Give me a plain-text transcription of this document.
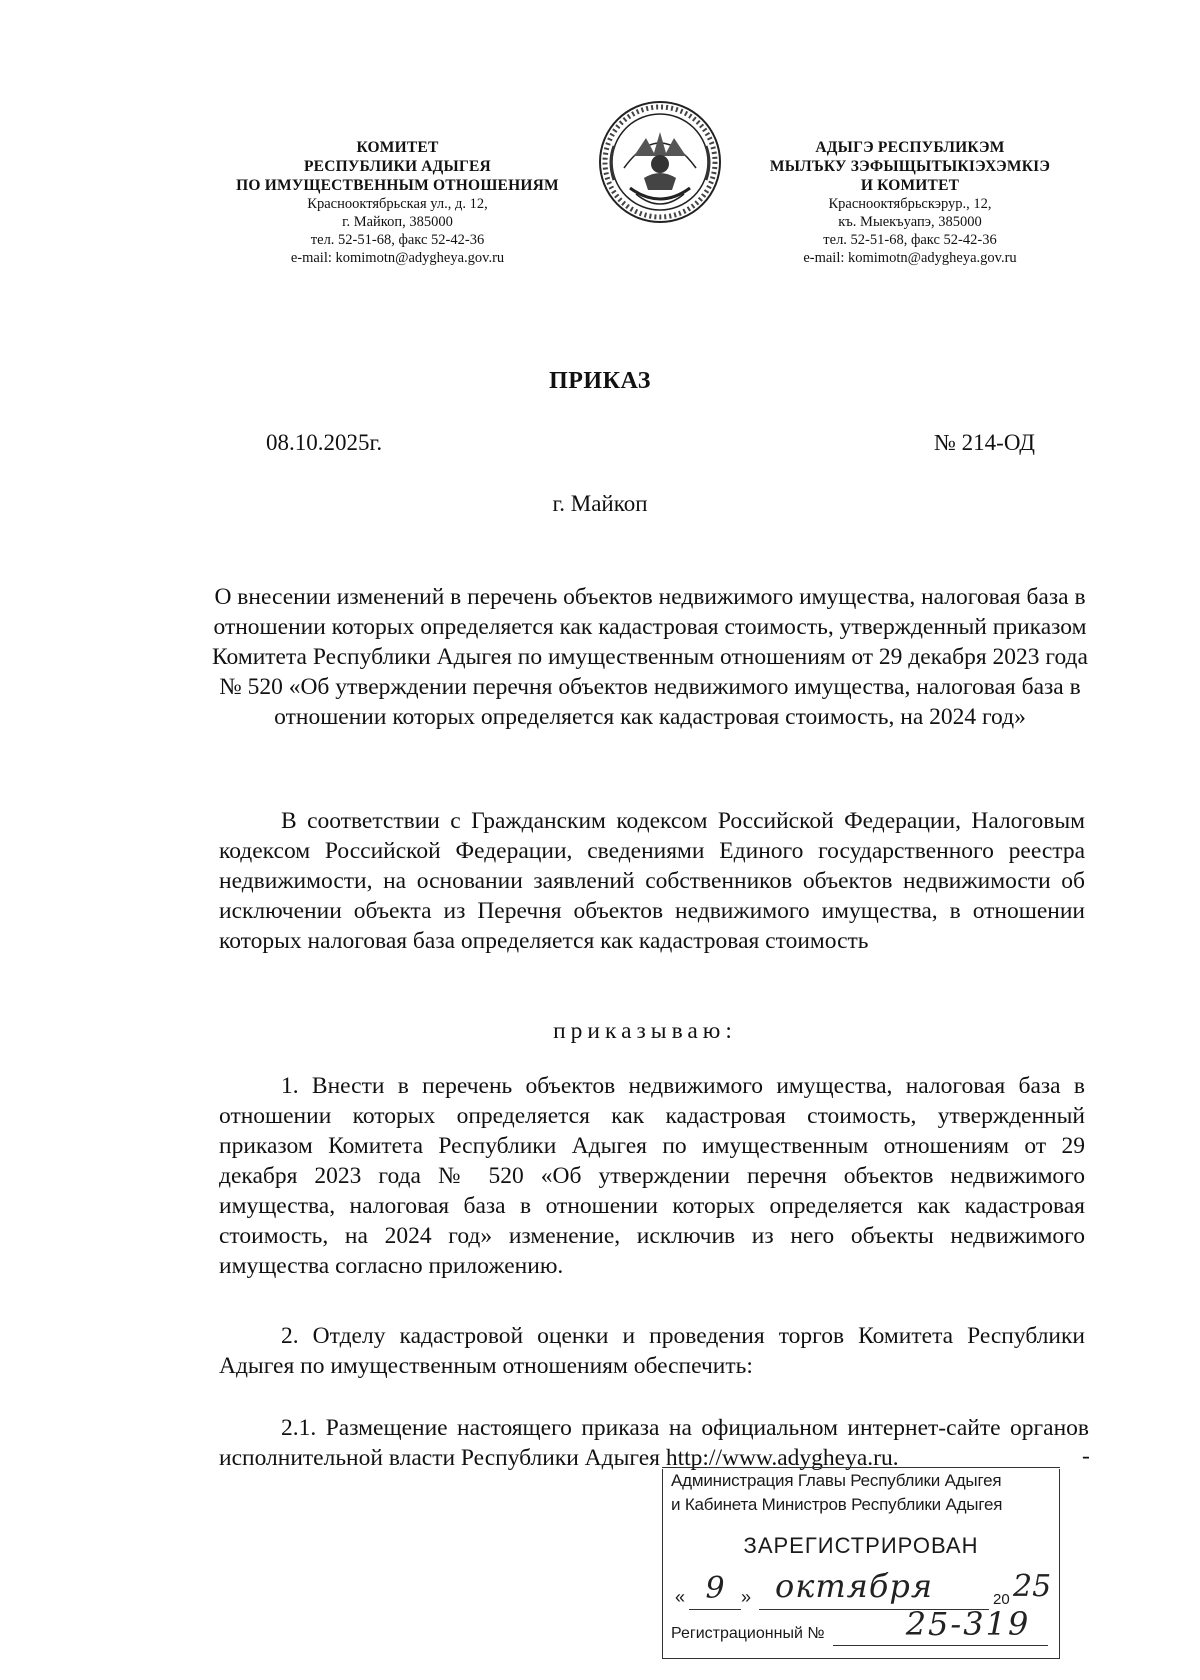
КОМИТЕТ
РЕСПУБЛИКИ АДЫГЕЯ
ПО ИМУЩЕСТВЕННЫМ ОТНОШЕНИЯМ
Краснооктябрьская ул., д. 12,
г. Майкоп, 385000
тел. 52-51-68, факс 52-42-36
e-mail: komimotn@adygheya.gov.ru
АДЫГЭ РЕСПУБЛИКЭМ
МЫЛЪКУ ЗЭФЫЩЫТЫКIЭХЭМКIЭ
И КОМИТЕТ
Краснооктябрьскэрур., 12,
къ. Мыекъуапэ, 385000
тел. 52-51-68, факс 52-42-36
e-mail: komimotn@adygheya.gov.ru
ПРИКАЗ
08.10.2025г.	№ 214-ОД
г. Майкоп
О внесении изменений в перечень объектов недвижимого имущества, налоговая база в отношении которых определяется как кадастровая стоимость, утвержденный приказом Комитета Республики Адыгея по имущественным отношениям от 29 декабря 2023 года № 520 «Об утверждении перечня объектов недвижимого имущества, налоговая база в отношении которых определяется как кадастровая стоимость, на 2024 год»
В соответствии с Гражданским кодексом Российской Федерации, Налоговым кодексом Российской Федерации, сведениями Единого государственного реестра недвижимости, на основании заявлений собственников объектов недвижимости об исключении объекта из Перечня объектов недвижимого имущества, в отношении которых налоговая база определяется как кадастровая стоимость
приказываю:
1. Внести в перечень объектов недвижимого имущества, налоговая база в отношении которых определяется как кадастровая стоимость, утвержденный приказом Комитета Республики Адыгея по имущественным отношениям от 29 декабря 2023 года № 520 «Об утверждении перечня объектов недвижимого имущества, налоговая база в отношении которых определяется как кадастровая стоимость, на 2024 год» изменение, исключив из него объекты недвижимого имущества согласно приложению.
2. Отделу кадастровой оценки и проведения торгов Комитета Республики Адыгея по имущественным отношениям обеспечить:
2.1. Размещение настоящего приказа на официальном интернет-сайте органов исполнительной власти Республики Адыгея http://www.adygheya.ru.	-
Администрация Главы Республики Адыгея
и Кабинета Министров Республики Адыгея
ЗАРЕГИСТРИРОВАН
« 9 » октября	20 25
Регистрационный №	25-319
